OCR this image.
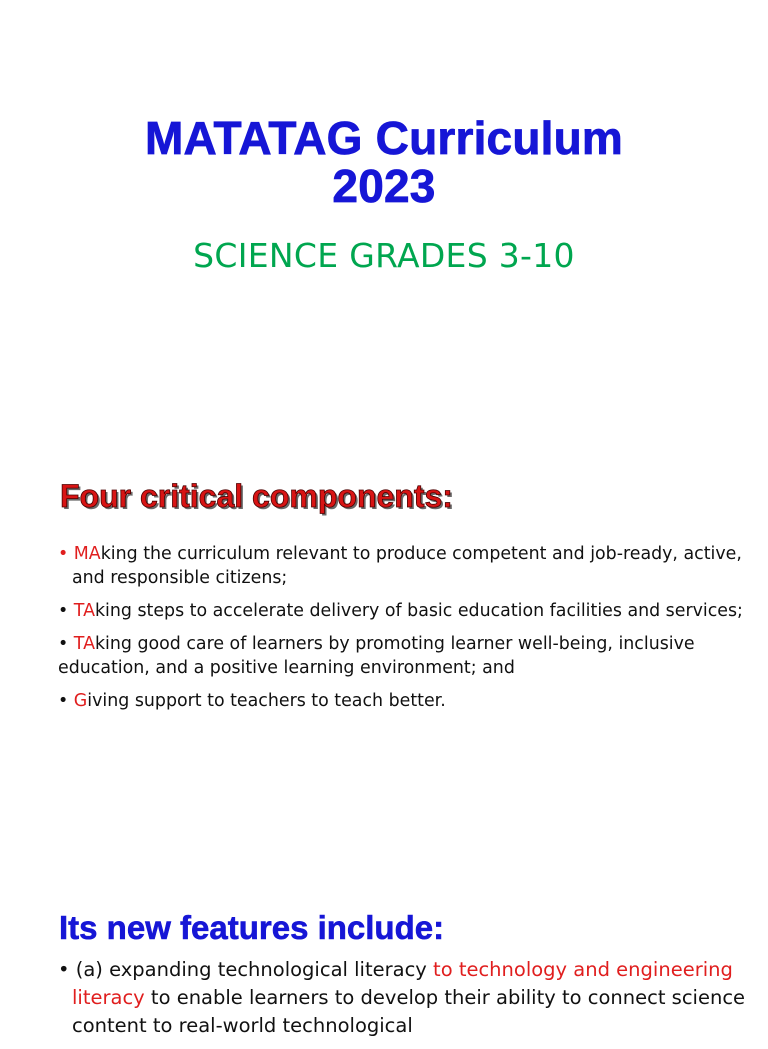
MATATAG Curriculum
2023
SCIENCE GRADES 3-10
Four critical components:
• MAking the curriculum relevant to produce competent and job-ready, active, and responsible citizens;
• TAking steps to accelerate delivery of basic education facilities and services;
• TAking good care of learners by promoting learner well-being, inclusive education, and a positive learning environment; and
• Giving support to teachers to teach better.
Its new features include:
• (a) expanding technological literacy to technology and engineering literacy to enable learners to develop their ability to connect science content to real-world technological
